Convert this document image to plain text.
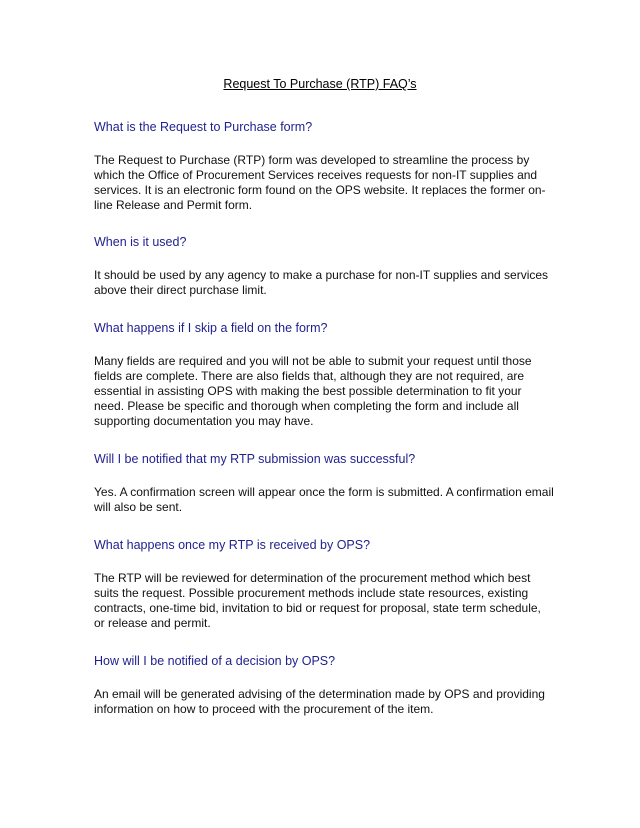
Request To Purchase (RTP) FAQ’s
What is the Request to Purchase form?

The Request to Purchase (RTP) form was developed to streamline the process by which the Office of Procurement Services receives requests for non-IT supplies and services. It is an electronic form found on the OPS website. It replaces the former on-line Release and Permit form.

When is it used?

It should be used by any agency to make a purchase for non-IT supplies and services above their direct purchase limit.

What happens if I skip a field on the form?

Many fields are required and you will not be able to submit your request until those fields are complete. There are also fields that, although they are not required, are essential in assisting OPS with making the best possible determination to fit your need. Please be specific and thorough when completing the form and include all supporting documentation you may have.

Will I be notified that my RTP submission was successful?

Yes. A confirmation screen will appear once the form is submitted. A confirmation email will also be sent.

What happens once my RTP is received by OPS?

The RTP will be reviewed for determination of the procurement method which best suits the request. Possible procurement methods include state resources, existing contracts, one-time bid, invitation to bid or request for proposal, state term schedule, or release and permit.

How will I be notified of a decision by OPS?

An email will be generated advising of the determination made by OPS and providing information on how to proceed with the procurement of the item.
